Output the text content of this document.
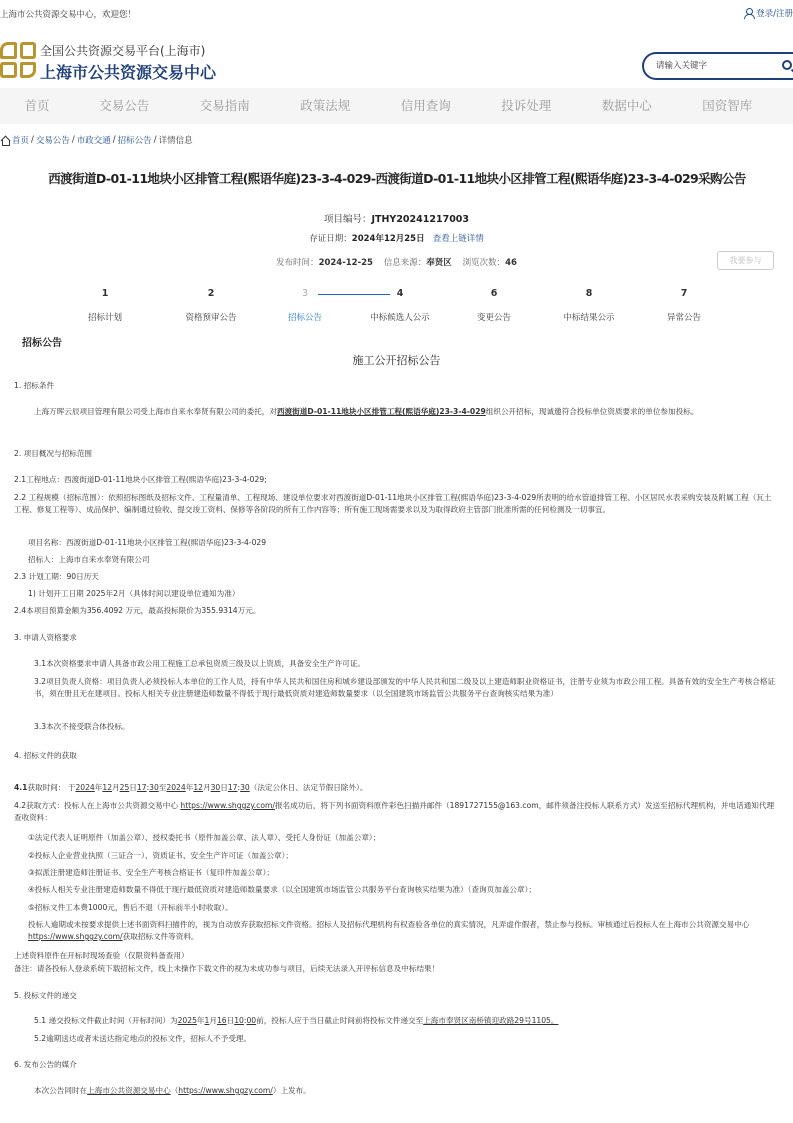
上海市公共资源交易中心，欢迎您！	登录/注册
全国公共资源交易平台(上海市)
上海市公共资源交易中心
请输入关键字
首页	交易公告	交易指南	政策法规	信用查询	投诉处理	数据中心	国资智库
首页 / 交易公告 / 市政交通 / 招标公告 / 详情信息
西渡街道D-01-11地块小区排管工程(熙语华庭)23-3-4-029-西渡街道D-01-11地块小区排管工程(熙语华庭)23-3-4-029采购公告
项目编号：JTHY20241217003
存证日期：2024年12月25日 查看上链详情
发布时间：2024-12-25 信息来源：奉贤区 浏览次数：46	我要参与
1
招标计划
2
资格预审公告
3
招标公告
4
中标候选人公示
6
变更公告
8
中标结果公示
7
异常公告
招标公告
施工公开招标公告
1. 招标条件
上海万晖云辰项目管理有限公司受上海市自来水奉贤有限公司的委托，对西渡街道D-01-11地块小区排管工程(熙语华庭)23-3-4-029组织公开招标，现诚邀符合投标单位资质要求的单位参加投标。
2. 项目概况与招标范围
2.1工程地点：西渡街道D-01-11地块小区排管工程(熙语华庭)23-3-4-029;
2.2 工程规模（招标范围）：依照招标图纸及招标文件、工程量清单、工程现场、建设单位要求对西渡街道D-01-11地块小区排管工程(熙语华庭)23-3-4-029所表明的给水管道排管工程、小区居民水表采购安装及附属工程（瓦土工程、修复工程等）、成品保护、编制通过验收、提交竣工资料、保修等各阶段的所有工作内容等；所有施工现场需要求以及为取得政府主管部门批准所需的任何检测及一切事宜。
项目名称：西渡街道D-01-11地块小区排管工程(熙语华庭)23-3-4-029
招标人：上海市自来水奉贤有限公司
2.3 计划工期：90日历天
1) 计划开工日期 2025年2月（具体时间以建设单位通知为准）
2.4本项目预算金额为356.4092 万元，最高投标限价为355.9314万元。
3. 申请人资格要求
3.1本次资格要求申请人具备市政公用工程施工总承包资质三级及以上资质，具备安全生产许可证。
3.2项目负责人资格：项目负责人必须投标人本单位的工作人员，持有中华人民共和国住房和城乡建设部颁发的中华人民共和国二级及以上建造师职业资格证书，注册专业须为市政公用工程。具备有效的安全生产考核合格证书，须在册且无在建项目。投标人相关专业注册建造师数量不得低于现行最低资质对建造师数量要求（以全国建筑市场监管公共服务平台查询核实结果为准）
3.3本次不接受联合体投标。
4. 招标文件的获取
4.1获取时间： 于2024年12月25日17:30至2024年12月30日17:30（法定公休日、法定节假日除外）。
4.2获取方式：投标人在上海市公共资源交易中心 https://www.shggzy.com/报名成功后，将下列书面资料原件彩色扫描并邮件（1891727155@163.com，邮件须备注投标人联系方式）发送至招标代理机构，并电话通知代理查收资料：
①法定代表人证明原件（加盖公章）、授权委托书（原件加盖公章、法人章）、受托人身份证（加盖公章）；
②投标人企业营业执照（三证合一）、资质证书、安全生产许可证（加盖公章）；
③拟派注册建造师注册证书、安全生产考核合格证书（复印件加盖公章）；
④投标人相关专业注册建造师数量不得低于现行最低资质对建造师数量要求（以全国建筑市场监管公共服务平台查询核实结果为准）（查询页加盖公章）；
⑤招标文件工本费1000元，售后不退（开标前半小时收取）。
投标人逾期或未按要求提供上述书面资料扫描件的，视为自动放弃获取招标文件资格。招标人及招标代理机构有权查验各单位的真实情况，凡弄虚作假者，禁止参与投标。审核通过后投标人在上海市公共资源交易中心 https://www.shggzy.com/获取招标文件等资料。
上述资料原件在开标时现场查验（仅限资料备查用）
备注：请各投标人登录系统下载招标文件，线上未操作下载文件的视为未成功参与项目，后续无法录入开评标信息及中标结果！
5. 投标文件的递交
5.1 递交投标文件截止时间（开标时间）为2025年1月16日10:00前，投标人应于当日截止时间前将投标文件递交至上海市奉贤区南桥镇迎政路29号1105。
5.2逾期送达或者未送达指定地点的投标文件，招标人不予受理。
6. 发布公告的媒介
本次公告同时在上海市公共资源交易中心（https://www.shggzy.com/）上发布。
